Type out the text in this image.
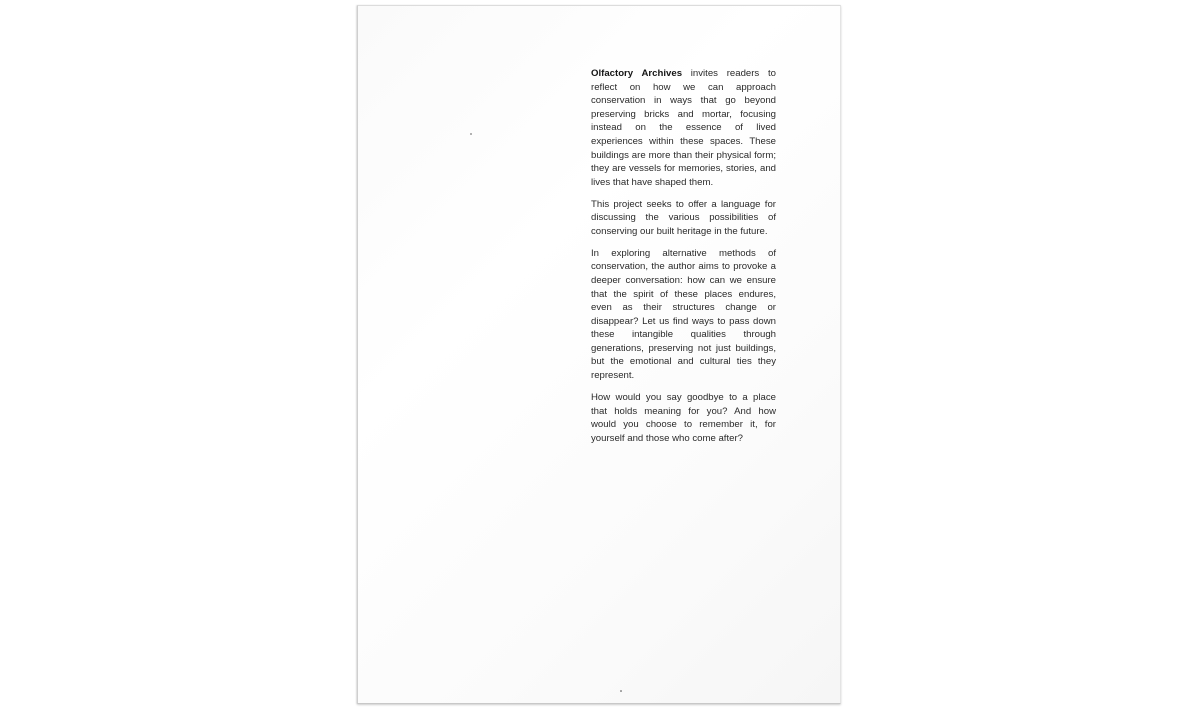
Olfactory Archives invites readers to reflect on how we can approach conservation in ways that go beyond preserving bricks and mortar, focusing instead on the essence of lived experiences within these spaces. These buildings are more than their physical form; they are vessels for memories, stories, and lives that have shaped them.

This project seeks to offer a language for discussing the various possibilities of conserving our built heritage in the future.

In exploring alternative methods of conservation, the author aims to provoke a deeper conversation: how can we ensure that the spirit of these places endures, even as their structures change or disappear? Let us find ways to pass down these intangible qualities through generations, preserving not just buildings, but the emotional and cultural ties they represent.

How would you say goodbye to a place that holds meaning for you? And how would you choose to remember it, for yourself and those who come after?
